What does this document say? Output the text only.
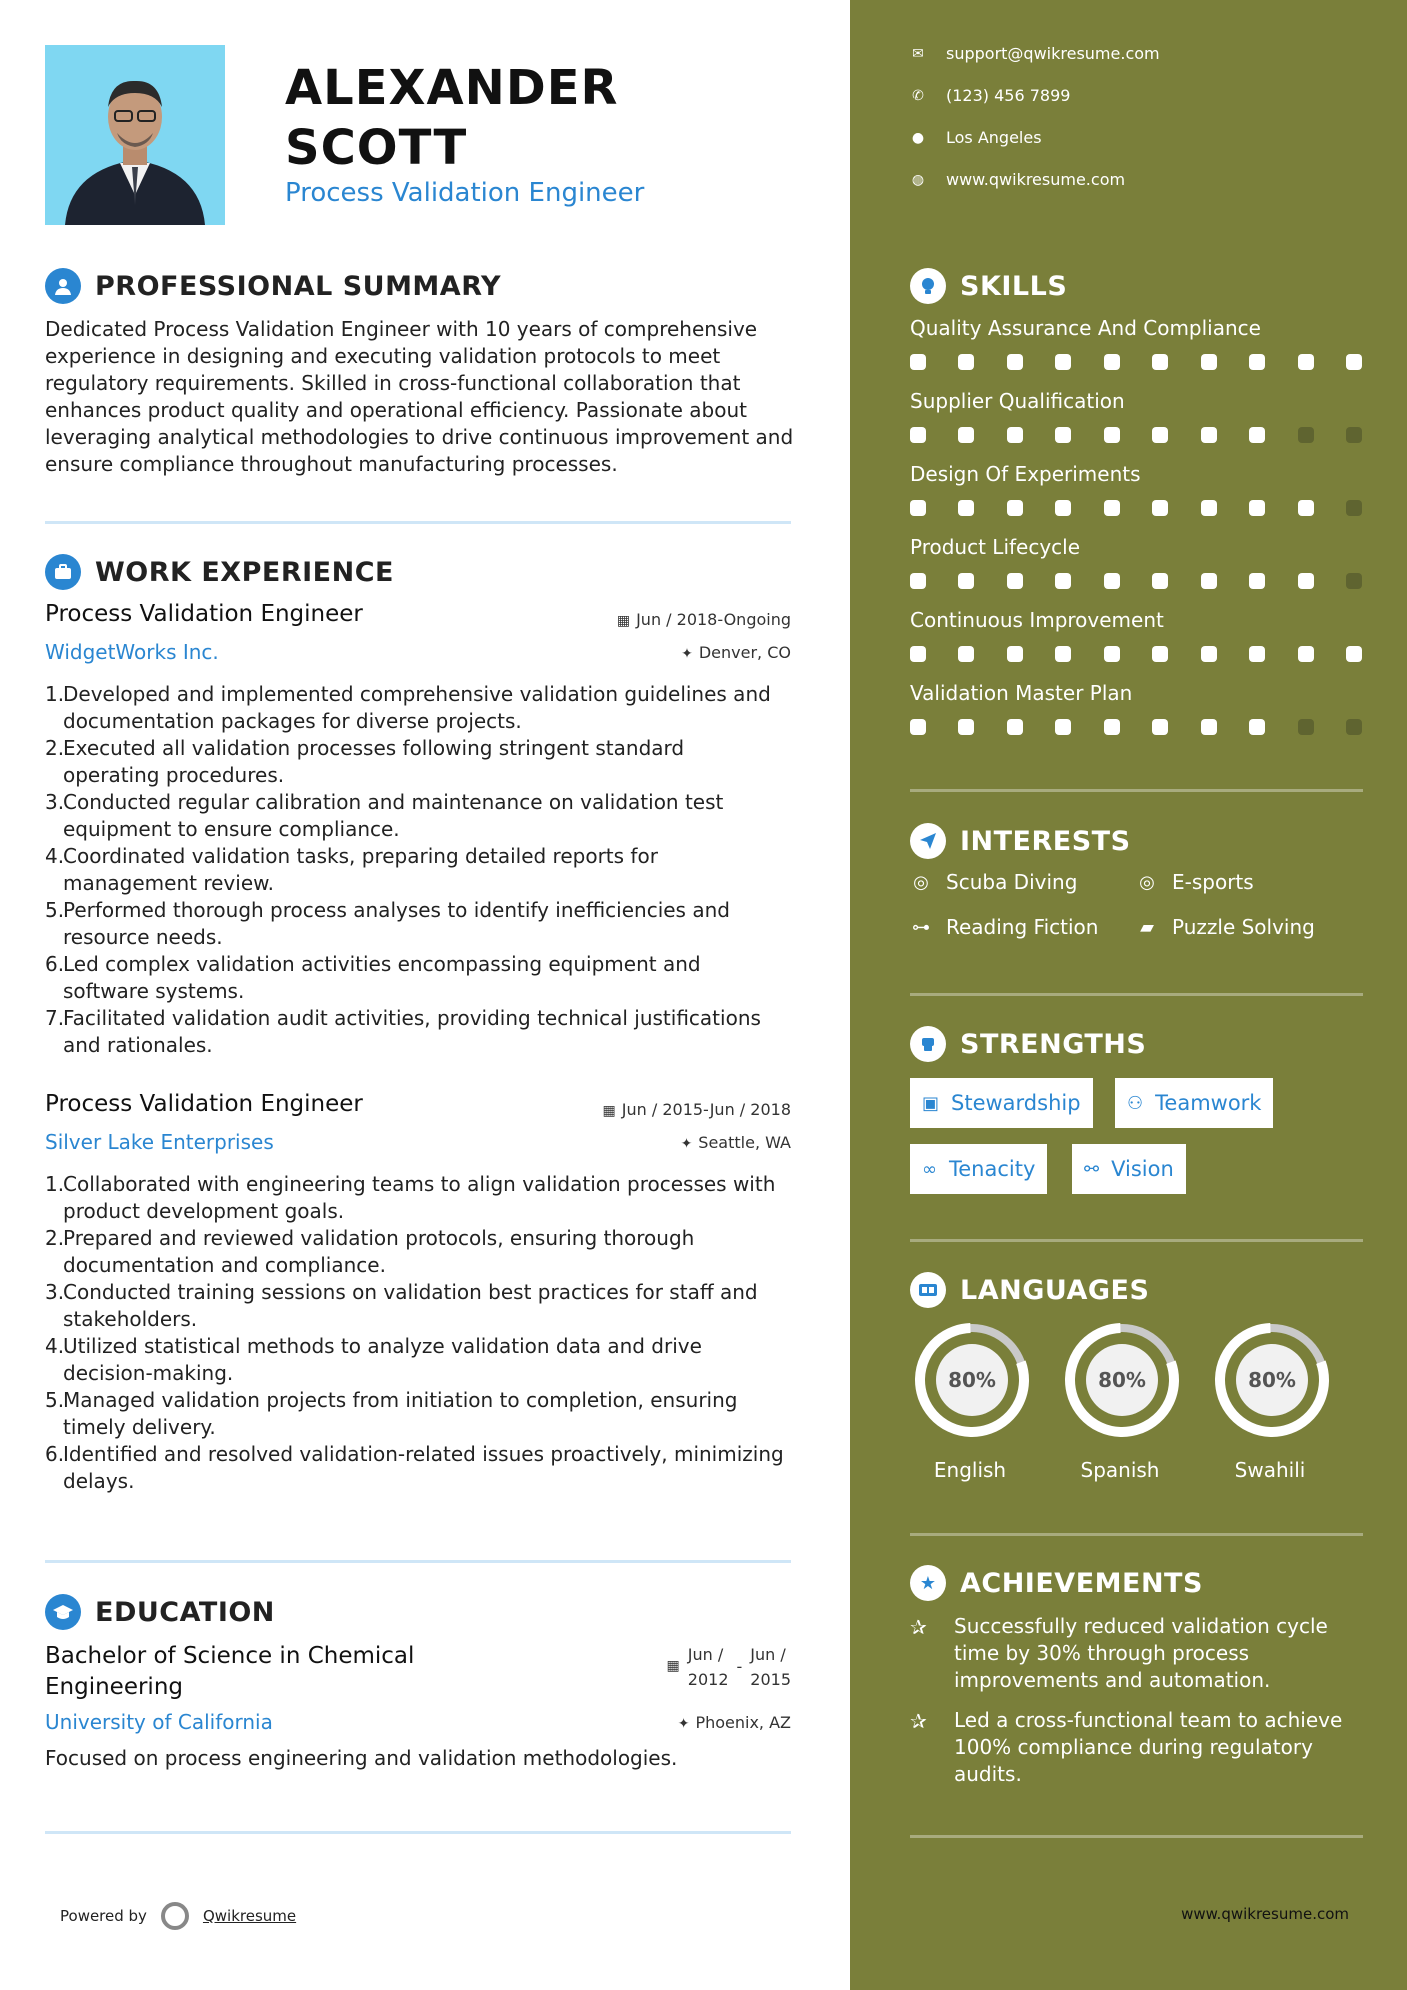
ALEXANDER
SCOTT
Process Validation Engineer
PROFESSIONAL SUMMARY
Dedicated Process Validation Engineer with 10 years of comprehensive experience in designing and executing validation protocols to meet regulatory requirements. Skilled in cross-functional collaboration that enhances product quality and operational efficiency. Passionate about leveraging analytical methodologies to drive continuous improvement and ensure compliance throughout manufacturing processes.
WORK EXPERIENCE
Process Validation Engineer	▦ Jun / 2018-Ongoing
WidgetWorks Inc.	✦ Denver, CO
1.
Developed and implemented comprehensive validation guidelines and documentation packages for diverse projects.
2.
Executed all validation processes following stringent standard operating procedures.
3.
Conducted regular calibration and maintenance on validation test equipment to ensure compliance.
4.
Coordinated validation tasks, preparing detailed reports for management review.
5.
Performed thorough process analyses to identify inefficiencies and resource needs.
6.
Led complex validation activities encompassing equipment and software systems.
7.
Facilitated validation audit activities, providing technical justifications and rationales.
Process Validation Engineer	▦ Jun / 2015-Jun / 2018
Silver Lake Enterprises	✦ Seattle, WA
1.
Collaborated with engineering teams to align validation processes with product development goals.
2.
Prepared and reviewed validation protocols, ensuring thorough documentation and compliance.
3.
Conducted training sessions on validation best practices for staff and stakeholders.
4.
Utilized statistical methods to analyze validation data and drive decision-making.
5.
Managed validation projects from initiation to completion, ensuring timely delivery.
6.
Identified and resolved validation-related issues proactively, minimizing delays.
EDUCATION
Bachelor of Science in Chemical
Engineering
▦
Jun /
2012
-
Jun /
2015
University of California	✦ Phoenix, AZ
Focused on process engineering and validation methodologies.
Powered by	Qwikresume
✉ support@qwikresume.com
✆ (123) 456 7899
● Los Angeles
◍ www.qwikresume.com
SKILLS
Quality Assurance And Compliance
Supplier Qualification
Design Of Experiments
Product Lifecycle
Continuous Improvement
Validation Master Plan
INTERESTS
◎ Scuba Diving	◎ E-sports
⊶ Reading Fiction	▰ Puzzle Solving
STRENGTHS
▣ Stewardship	⚇ Teamwork
∞ Tenacity	⚯ Vision
LANGUAGES
80%
English
80%
Spanish
80%
Swahili
★ ACHIEVEMENTS
✰	Successfully reduced validation cycle time by 30% through process improvements and automation.
✰	Led a cross-functional team to achieve 100% compliance during regulatory audits.
www.qwikresume.com
